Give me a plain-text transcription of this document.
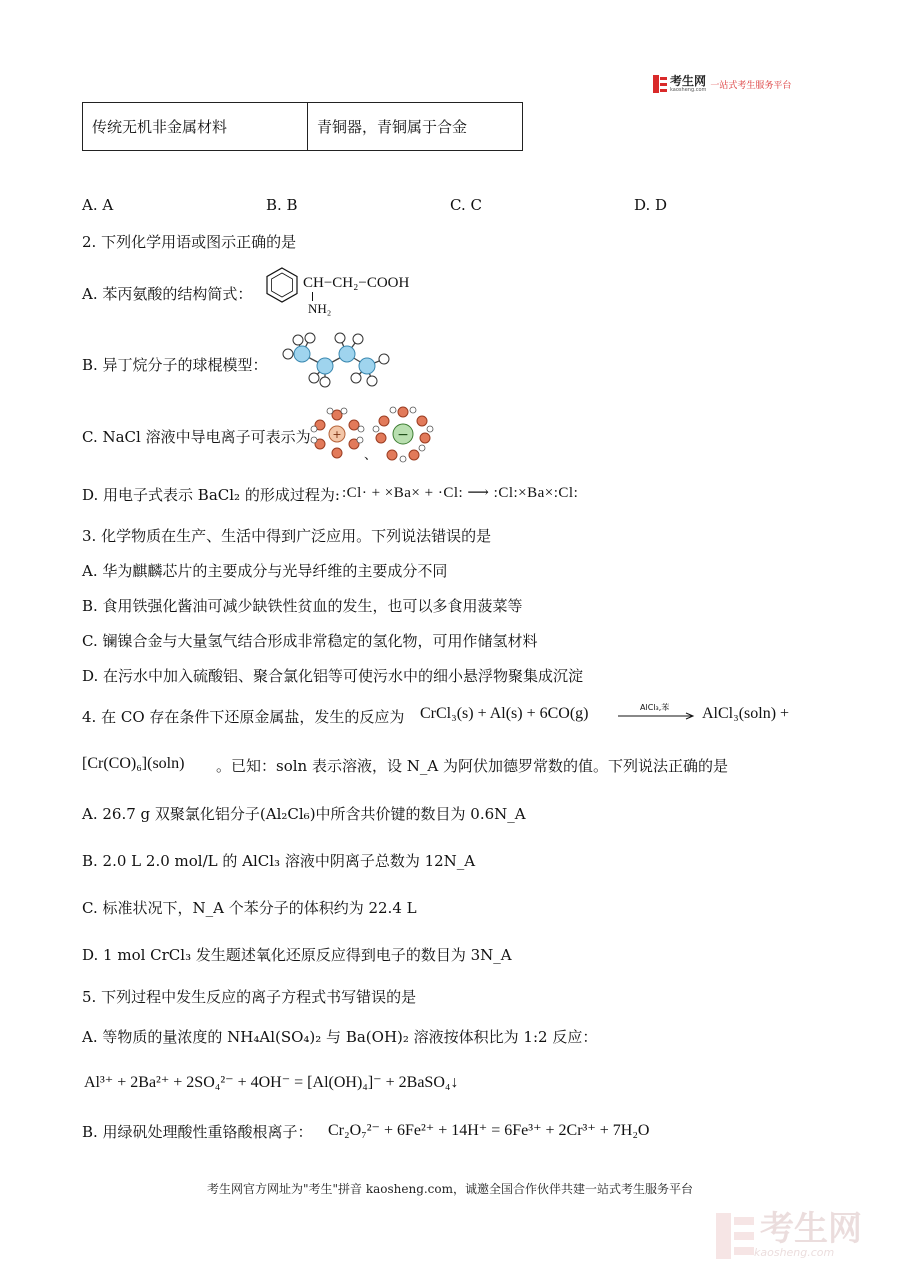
考生网
kaosheng.com 一站式考生服务平台
传统无机非金属材料	青铜器，青铜属于合金
A. A	B. B	C. C	D. D
2. 下列化学用语或图示正确的是
A. 苯丙氨酸的结构简式：
CH−CH₂−COOH
NH₂
B. 异丁烷分子的球棍模型：
C. NaCl 溶液中导电离子可表示为 +
、
−
D. 用电子式表示 BaCl₂ 的形成过程为: :Cl· + ×Ba× + ·Cl: ⟶ :Cl:×Ba×:Cl:
3. 化学物质在生产、生活中得到广泛应用。下列说法错误的是
A. 华为麒麟芯片的主要成分与光导纤维的主要成分不同
B. 食用铁强化酱油可减少缺铁性贫血的发生，也可以多食用菠菜等
C. 镧镍合金与大量氢气结合形成非常稳定的氢化物，可用作储氢材料
D. 在污水中加入硫酸铝、聚合氯化铝等可使污水中的细小悬浮物聚集成沉淀
4. 在 CO 存在条件下还原金属盐，发生的反应为 CrCl₃(s) + Al(s) + 6CO(g)	AlCl₃,苯 AlCl₃(soln) +
[Cr(CO)₆](soln) 。已知：soln 表示溶液，设 N_A 为阿伏加德罗常数的值。下列说法正确的是
A. 26.7 g 双聚氯化铝分子(Al₂Cl₆)中所含共价键的数目为 0.6N_A
B. 2.0 L 2.0 mol/L 的 AlCl₃ 溶液中阴离子总数为 12N_A
C. 标准状况下，N_A 个苯分子的体积约为 22.4 L
D. 1 mol CrCl₃ 发生题述氧化还原反应得到电子的数目为 3N_A
5. 下列过程中发生反应的离子方程式书写错误的是
A. 等物质的量浓度的 NH₄Al(SO₄)₂ 与 Ba(OH)₂ 溶液按体积比为 1:2 反应：
Al³⁺ + 2Ba²⁺ + 2SO₄²⁻ + 4OH⁻ = [Al(OH)₄]⁻ + 2BaSO₄↓
B. 用绿矾处理酸性重铬酸根离子： Cr₂O₇²⁻ + 6Fe²⁺ + 14H⁺ = 6Fe³⁺ + 2Cr³⁺ + 7H₂O
考生网官方网址为"考生"拼音 kaosheng.com，诚邀全国合作伙伴共建一站式考生服务平台
考生网
kaosheng.com
